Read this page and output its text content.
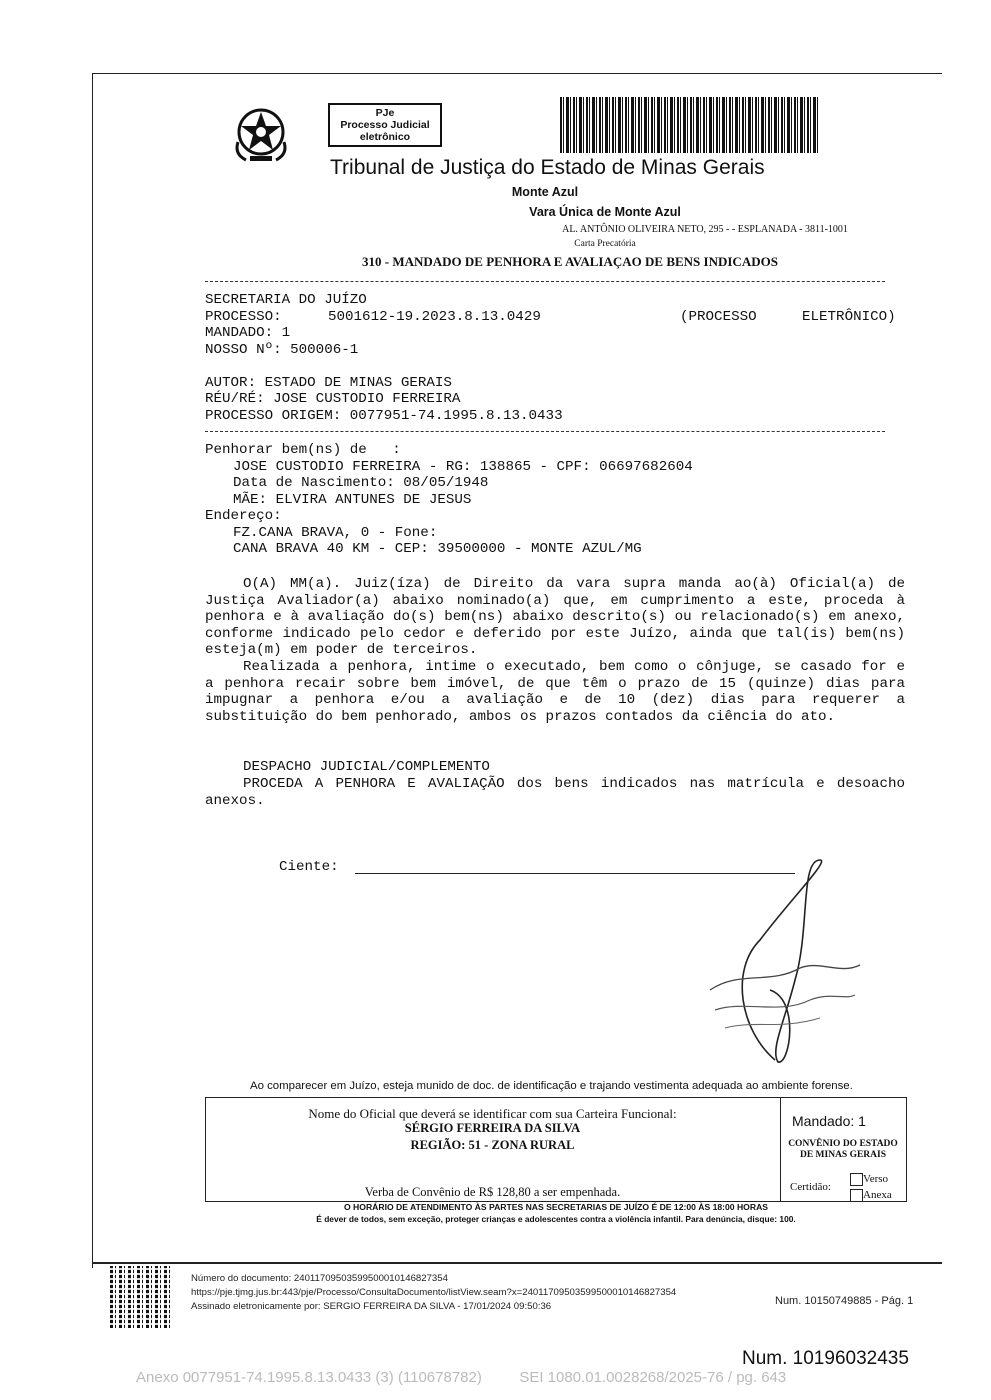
PJe
Processo Judicial
eletrônico
Tribunal de Justiça do Estado de Minas Gerais
Monte Azul
Vara Única de Monte Azul
AL. ANTÔNIO OLIVEIRA NETO, 295 - - ESPLANADA - 3811-1001
Carta Precatória
310 - MANDADO DE PENHORA E AVALIAÇAO DE BENS INDICADOS
SECRETARIA DO JUÍZO
PROCESSO:	5001612-19.2023.8.13.0429	(PROCESSO	ELETRÔNICO)
MANDADO: 1
NOSSO Nº: 500006-1
AUTOR: ESTADO DE MINAS GERAIS
RÉU/RÉ: JOSE CUSTODIO FERREIRA
PROCESSO ORIGEM: 0077951-74.1995.8.13.0433
Penhorar bem(ns) de   :
JOSE CUSTODIO FERREIRA - RG: 138865 - CPF: 06697682604
Data de Nascimento: 08/05/1948
MÃE: ELVIRA ANTUNES DE JESUS
Endereço:
FZ.CANA BRAVA, 0 - Fone:
CANA BRAVA 40 KM - CEP: 39500000 - MONTE AZUL/MG
O(A) MM(a). Juiz(íza) de Direito da vara supra manda ao(à) Oficial(a) de Justiça Avaliador(a) abaixo nominado(a) que, em cumprimento a este, proceda à penhora e à avaliação do(s) bem(ns) abaixo descrito(s) ou relacionado(s) em anexo, conforme indicado pelo cedor e deferido por este Juízo, ainda que tal(is) bem(ns) esteja(m) em poder de terceiros.
Realizada a penhora, intime o executado, bem como o cônjuge, se casado for e a penhora recair sobre bem imóvel, de que têm o prazo de 15 (quinze) dias para impugnar a penhora e/ou a avaliação e de 10 (dez) dias para requerer a substituição do bem penhorado, ambos os prazos contados da ciência do ato.
DESPACHO JUDICIAL/COMPLEMENTO
PROCEDA A PENHORA E AVALIAÇÃO dos bens indicados nas matrícula e desoacho anexos.
Ciente:
Ao comparecer em Juízo, esteja munido de doc. de identificação e trajando vestimenta adequada ao ambiente forense.
Nome do Oficial que deverá se identificar com sua Carteira Funcional:
SÉRGIO FERREIRA DA SILVA
REGIÃO: 51 - ZONA RURAL
Verba de Convênio de R$ 128,80 a ser empenhada.
Mandado: 1
CONVÊNIO DO ESTADO
DE MINAS GERAIS
Certidão:
Verso
Anexa
O HORÁRIO DE ATENDIMENTO ÀS PARTES NAS SECRETARIAS DE JUÍZO É DE 12:00 ÀS 18:00 HORAS
É dever de todos, sem exceção, proteger crianças e adolescentes contra a violência infantil. Para denúncia, disque: 100.
Número do documento: 24011709503599500010146827354
https://pje.tjmg.jus.br:443/pje/Processo/ConsultaDocumento/listView.seam?x=24011709503599500010146827354
Assinado eletronicamente por: SERGIO FERREIRA DA SILVA - 17/01/2024 09:50:36	Num. 10150749885 - Pág. 1
Num. 10196032435
Anexo 0077951-74.1995.8.13.0433 (3) (110678782)         SEI 1080.01.0028268/2025-76 / pg. 643
